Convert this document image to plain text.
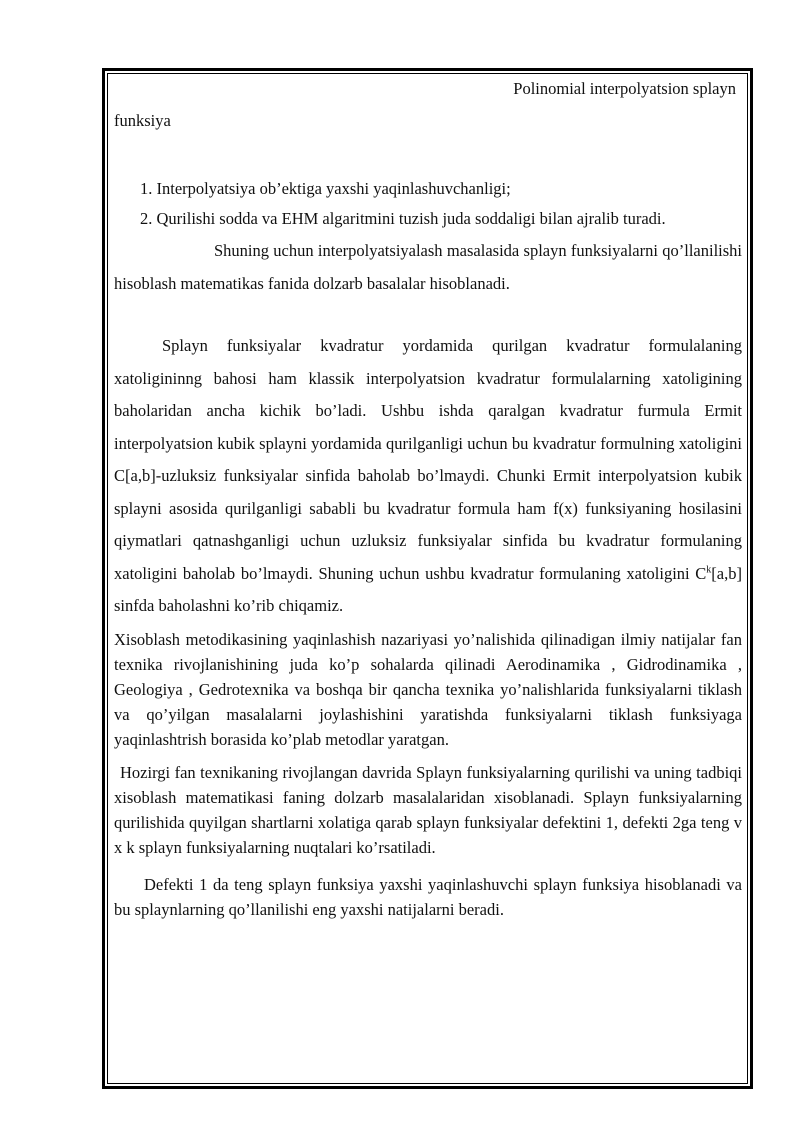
Polinomial interpolyatsion splayn

funksiya

1. Interpolyatsiya ob’ektiga yaxshi yaqinlashuvchanligi;
2. Qurilishi sodda va EHM algaritmini tuzish juda soddaligi bilan ajralib turadi.

Shuning uchun interpolyatsiyalash masalasida splayn funksiyalarni qo’llanilishi hisoblash matematikas fanida dolzarb basalalar hisoblanadi.

Splayn funksiyalar kvadratur yordamida qurilgan kvadratur formulalaning xatoligininng bahosi ham klassik interpolyatsion kvadratur formulalarning xatoligining baholaridan ancha kichik bo’ladi. Ushbu ishda qaralgan kvadratur furmula Ermit interpolyatsion kubik splayni yordamida qurilganligi uchun bu kvadratur formulning xatoligini C[a,b]-uzluksiz funksiyalar sinfida baholab bo’lmaydi. Chunki Ermit interpolyatsion kubik splayni asosida qurilganligi sababli bu kvadratur formula ham f(x) funksiyaning hosilasini qiymatlari qatnashganligi uchun uzluksiz funksiyalar sinfida bu kvadratur formulaning xatoligini baholab bo’lmaydi. Shuning uchun ushbu kvadratur formulaning xatoligini $C^k[a,b]$ sinfda baholashni ko’rib chiqamiz.

Xisoblash metodikasining yaqinlashish nazariyasi yo’nalishida qilinadigan ilmiy natijalar fan texnika rivojlanishining juda ko’p sohalarda qilinadi Aerodinamika , Gidrodinamika , Geologiya , Gedrotexnika va boshqa bir qancha texnika yo’nalishlarida funksiyalarni tiklash va qo’yilgan masalalarni joylashishini yaratishda funksiyalarni tiklash funksiyaga yaqinlashtrish borasida ko’plab metodlar yaratgan.

Hozirgi fan texnikaning rivojlangan davrida Splayn funksiyalarning qurilishi va uning tadbiqi xisoblash matematikasi faning dolzarb masalalaridan xisoblanadi. Splayn funksiyalarning qurilishida quyilgan shartlarni xolatiga qarab splayn funksiyalar defektini 1, defekti 2ga teng v x k splayn funksiyalarning nuqtalari ko’rsatiladi.

Defekti 1 da teng splayn funksiya yaxshi yaqinlashuvchi splayn funksiya hisoblanadi va bu splaynlarning qo’llanilishi eng yaxshi natijalarni beradi.
